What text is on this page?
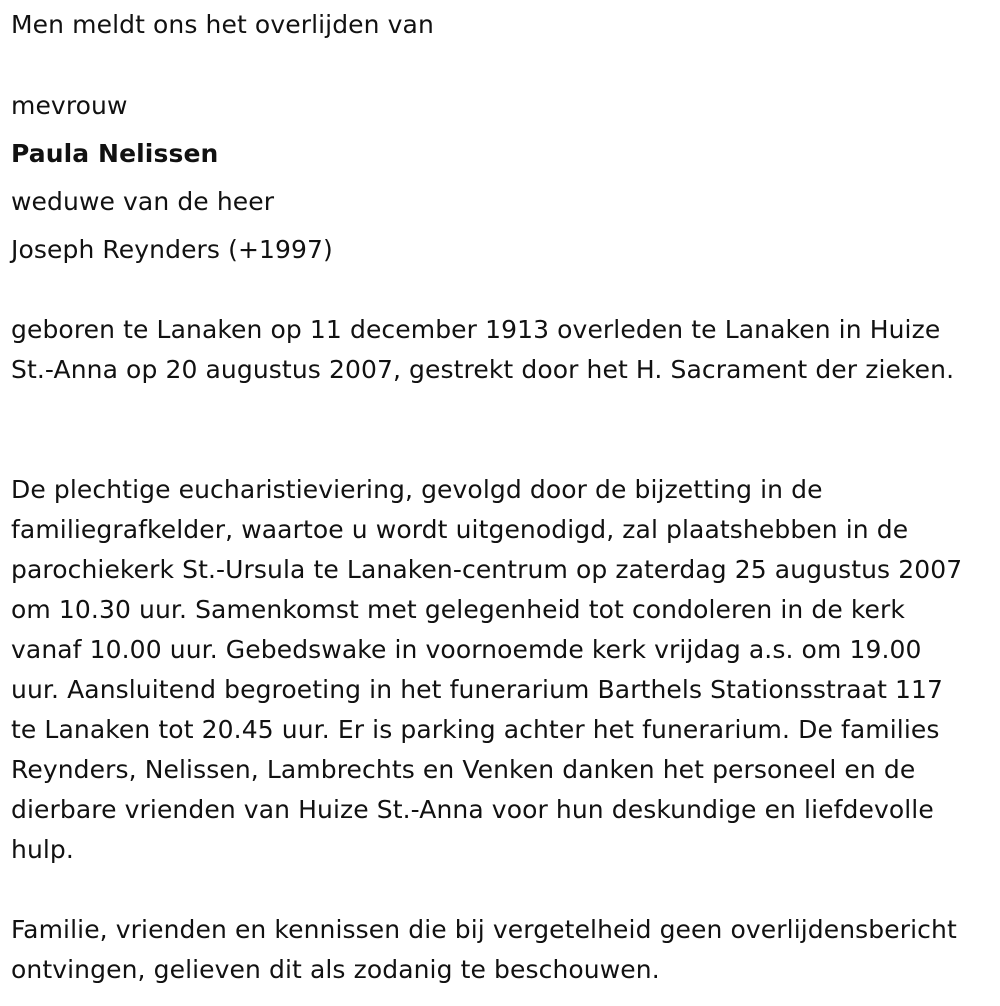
Men meldt ons het overlijden van
mevrouw
Paula Nelissen
weduwe van de heer
Joseph Reynders (+1997)

geboren te Lanaken op 11 december 1913 overleden te Lanaken in Huize St.-Anna op 20 augustus 2007, gestrekt door het H. Sacrament der zieken.

De plechtige eucharistieviering, gevolgd door de bijzetting in de familiegrafkelder, waartoe u wordt uitgenodigd, zal plaatshebben in de parochiekerk St.-Ursula te Lanaken-centrum op zaterdag 25 augustus 2007 om 10.30 uur. Samenkomst met gelegenheid tot condoleren in de kerk vanaf 10.00 uur. Gebedswake in voornoemde kerk vrijdag a.s. om 19.00 uur. Aansluitend begroeting in het funerarium Barthels Stationsstraat 117 te Lanaken tot 20.45 uur. Er is parking achter het funerarium. De families Reynders, Nelissen, Lambrechts en Venken danken het personeel en de dierbare vrienden van Huize St.-Anna voor hun deskundige en liefdevolle hulp.

Familie, vrienden en kennissen die bij vergetelheid geen overlijdensbericht ontvingen, gelieven dit als zodanig te beschouwen.
